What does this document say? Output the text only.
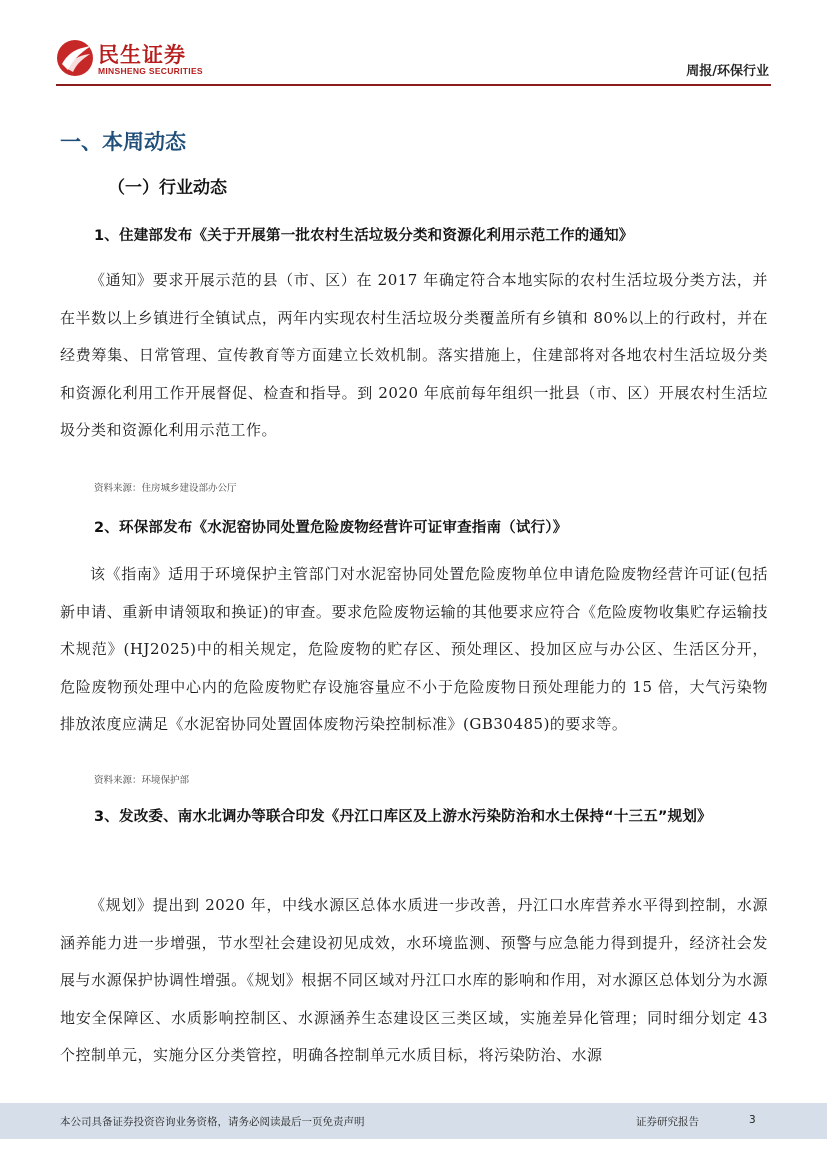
民生证券
MINSHENG SECURITIES	周报/环保行业
一、本周动态
（一）行业动态
1、住建部发布《关于开展第一批农村生活垃圾分类和资源化利用示范工作的通知》

《通知》要求开展示范的县（市、区）在 2017 年确定符合本地实际的农村生活垃圾分类方法，并在半数以上乡镇进行全镇试点，两年内实现农村生活垃圾分类覆盖所有乡镇和 80%以上的行政村，并在经费筹集、日常管理、宣传教育等方面建立长效机制。落实措施上，住建部将对各地农村生活垃圾分类和资源化利用工作开展督促、检查和指导。到 2020 年底前每年组织一批县（市、区）开展农村生活垃圾分类和资源化利用示范工作。

资料来源：住房城乡建设部办公厅
2、环保部发布《水泥窑协同处置危险废物经营许可证审查指南（试行）》

该《指南》适用于环境保护主管部门对水泥窑协同处置危险废物单位申请危险废物经营许可证(包括新申请、重新申请领取和换证)的审查。要求危险废物运输的其他要求应符合《危险废物收集贮存运输技术规范》(HJ2025)中的相关规定，危险废物的贮存区、预处理区、投加区应与办公区、生活区分开，危险废物预处理中心内的危险废物贮存设施容量应不小于危险废物日预处理能力的 15 倍，大气污染物排放浓度应满足《水泥窑协同处置固体废物污染控制标准》(GB30485)的要求等。

资料来源：环境保护部
3、发改委、南水北调办等联合印发《丹江口库区及上游水污染防治和水土保持“十三五”规划》

《规划》提出到 2020 年，中线水源区总体水质进一步改善，丹江口水库营养水平得到控制，水源涵养能力进一步增强，节水型社会建设初见成效，水环境监测、预警与应急能力得到提升，经济社会发展与水源保护协调性增强。《规划》根据不同区域对丹江口水库的影响和作用，对水源区总体划分为水源地安全保障区、水质影响控制区、水源涵养生态建设区三类区域，实施差异化管理；同时细分划定 43 个控制单元，实施分区分类管控，明确各控制单元水质目标，将污染防治、水源

本公司具备证券投资咨询业务资格，请务必阅读最后一页免责声明	证券研究报告	3
